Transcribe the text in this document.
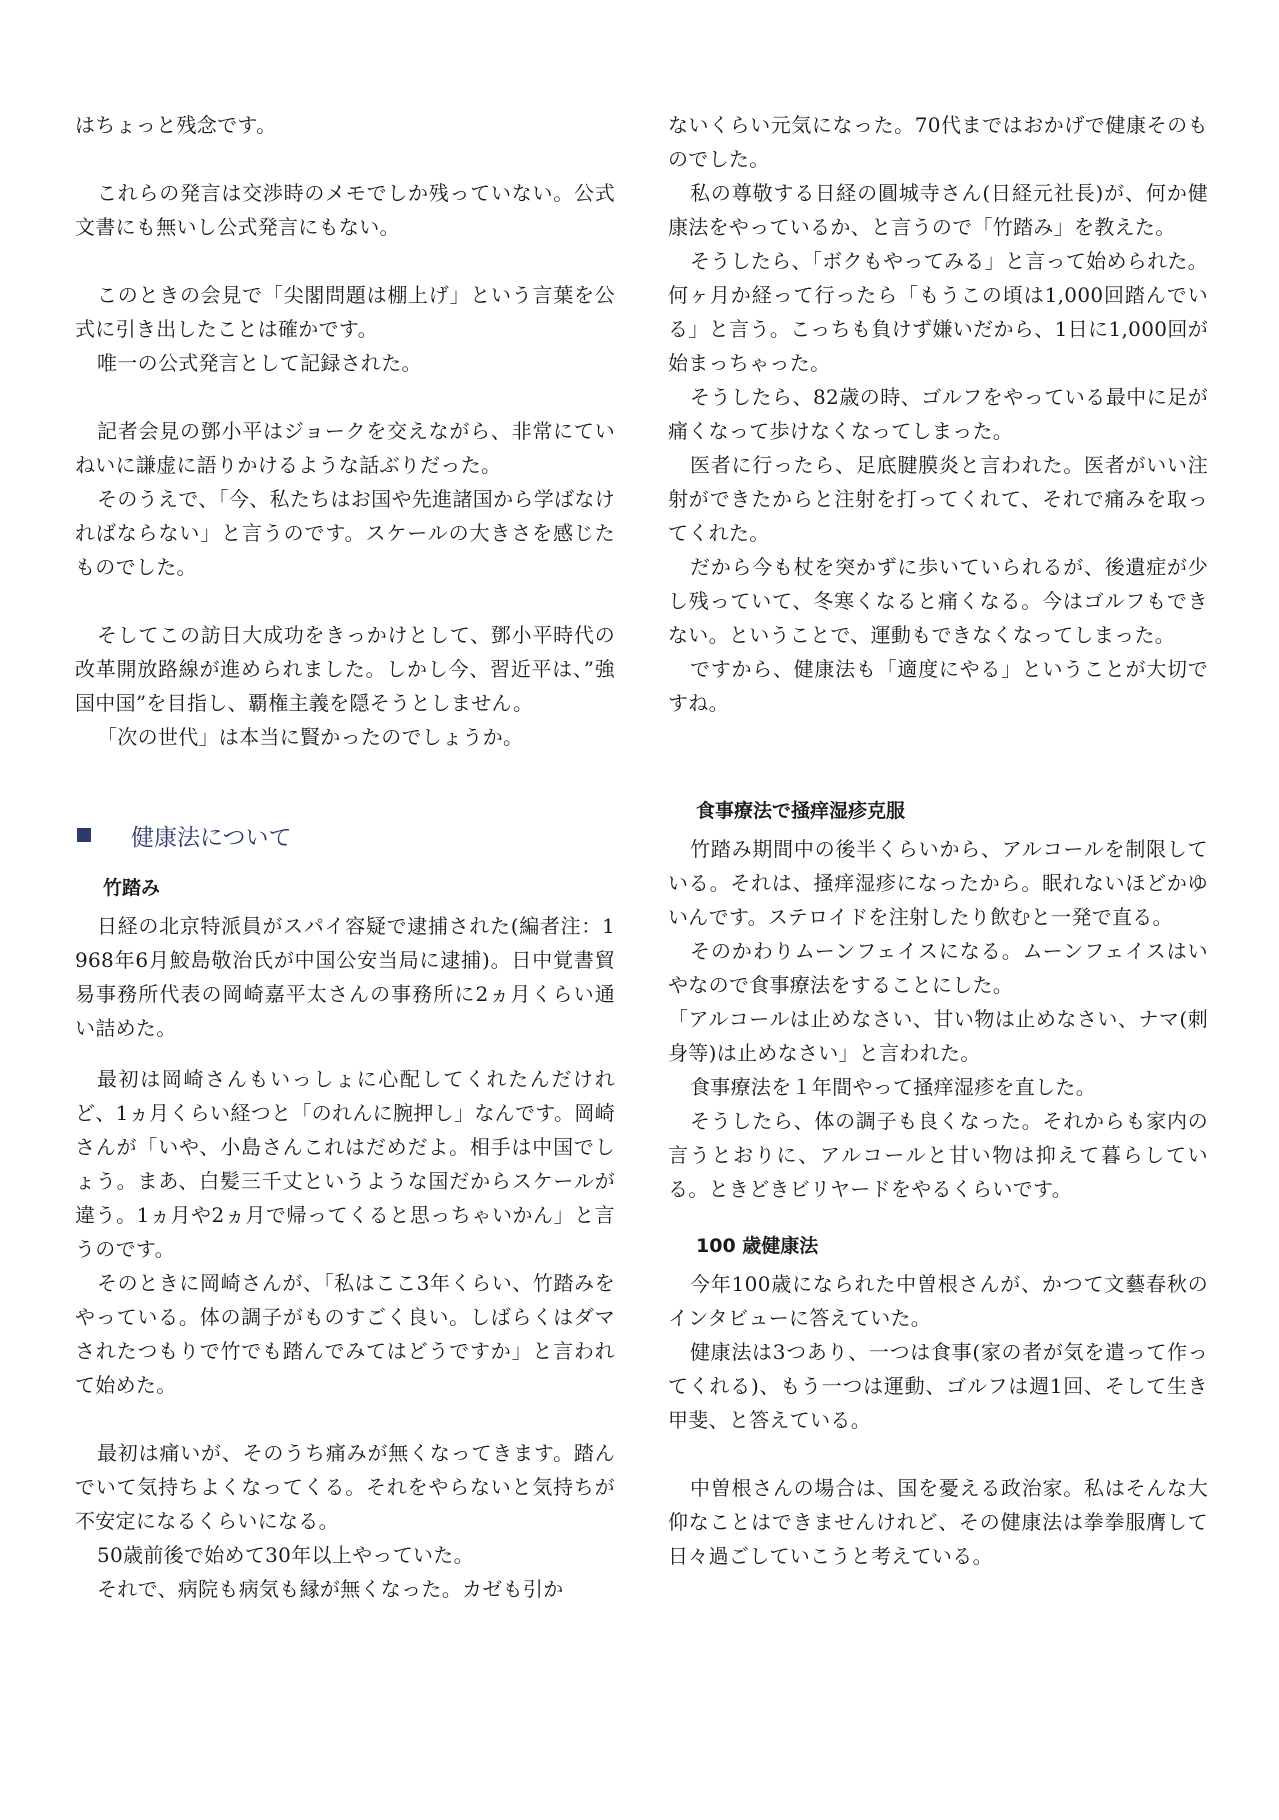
はちょっと残念です。

これらの発言は交渉時のメモでしか残っていない。公式文書にも無いし公式発言にもない。

このときの会見で「尖閣問題は棚上げ」という言葉を公式に引き出したことは確かです。

唯一の公式発言として記録された。

記者会見の鄧小平はジョークを交えながら、非常にていねいに謙虚に語りかけるような話ぶりだった。

そのうえで、「今、私たちはお国や先進諸国から学ばなければならない」と言うのです。スケールの大きさを感じたものでした。

そしてこの訪日大成功をきっかけとして、鄧小平時代の改革開放路線が進められました。しかし今、習近平は、”強国中国”を目指し、覇権主義を隠そうとしません。

「次の世代」は本当に賢かったのでしょうか。

健康法について
竹踏み

日経の北京特派員がスパイ容疑で逮捕された(編者注：1968年6月鮫島敬治氏が中国公安当局に逮捕)。日中覚書貿易事務所代表の岡崎嘉平太さんの事務所に2ヵ月くらい通い詰めた。

最初は岡崎さんもいっしょに心配してくれたんだけれど、1ヵ月くらい経つと「のれんに腕押し」なんです。岡崎さんが「いや、小島さんこれはだめだよ。相手は中国でしょう。まあ、白髪三千丈というような国だからスケールが違う。1ヵ月や2ヵ月で帰ってくると思っちゃいかん」と言うのです。

そのときに岡崎さんが、「私はここ3年くらい、竹踏みをやっている。体の調子がものすごく良い。しばらくはダマされたつもりで竹でも踏んでみてはどうですか」と言われて始めた。

最初は痛いが、そのうち痛みが無くなってきます。踏んでいて気持ちよくなってくる。それをやらないと気持ちが不安定になるくらいになる。

50歳前後で始めて30年以上やっていた。

それで、病院も病気も縁が無くなった。カゼも引か

ないくらい元気になった。70代まではおかげで健康そのものでした。

私の尊敬する日経の圓城寺さん(日経元社長)が、何か健康法をやっているか、と言うので「竹踏み」を教えた。

そうしたら、「ボクもやってみる」と言って始められた。何ヶ月か経って行ったら「もうこの頃は1,000回踏んでいる」と言う。こっちも負けず嫌いだから、1日に1,000回が始まっちゃった。

そうしたら、82歳の時、ゴルフをやっている最中に足が痛くなって歩けなくなってしまった。

医者に行ったら、足底腱膜炎と言われた。医者がいい注射ができたからと注射を打ってくれて、それで痛みを取ってくれた。

だから今も杖を突かずに歩いていられるが、後遺症が少し残っていて、冬寒くなると痛くなる。今はゴルフもできない。ということで、運動もできなくなってしまった。

ですから、健康法も「適度にやる」ということが大切ですね。

食事療法で掻痒湿疹克服

竹踏み期間中の後半くらいから、アルコールを制限している。それは、掻痒湿疹になったから。眠れないほどかゆいんです。ステロイドを注射したり飲むと一発で直る。

そのかわりムーンフェイスになる。ムーンフェイスはいやなので食事療法をすることにした。

「アルコールは止めなさい、甘い物は止めなさい、ナマ(刺身等)は止めなさい」と言われた。

食事療法を１年間やって掻痒湿疹を直した。

そうしたら、体の調子も良くなった。それからも家内の言うとおりに、アルコールと甘い物は抑えて暮らしている。ときどきビリヤードをやるくらいです。

100 歳健康法

今年100歳になられた中曽根さんが、かつて文藝春秋のインタビューに答えていた。

健康法は3つあり、一つは食事(家の者が気を遣って作ってくれる)、もう一つは運動、ゴルフは週1回、そして生き甲斐、と答えている。

中曽根さんの場合は、国を憂える政治家。私はそんな大仰なことはできませんけれど、その健康法は拳拳服膺して日々過ごしていこうと考えている。
